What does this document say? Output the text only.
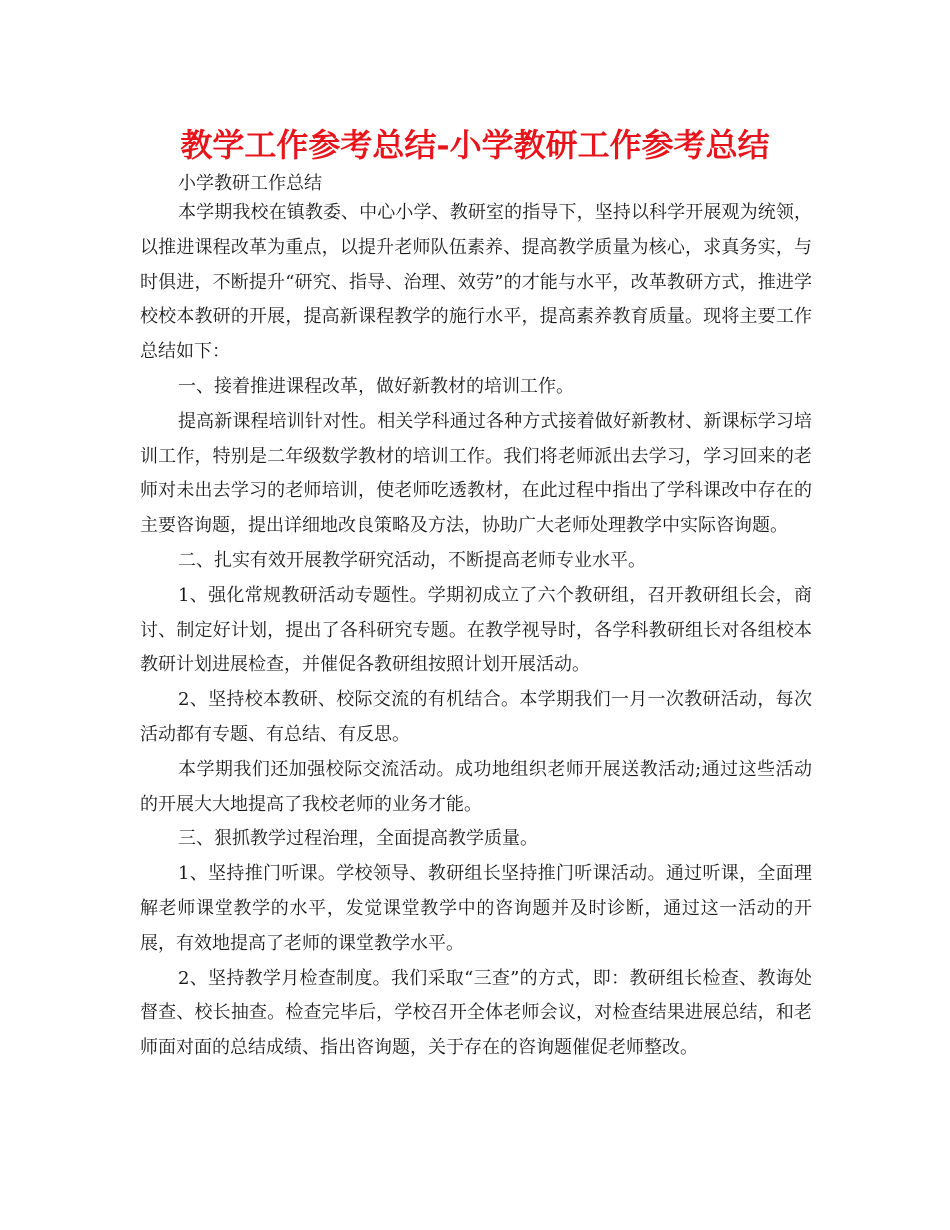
教学工作参考总结-小学教研工作参考总结
小学教研工作总结

本学期我校在镇教委、中心小学、教研室的指导下，坚持以科学开展观为统领，以推进课程改革为重点，以提升老师队伍素养、提高教学质量为核心，求真务实，与时俱进，不断提升“研究、指导、治理、效劳”的才能与水平，改革教研方式，推进学校校本教研的开展，提高新课程教学的施行水平，提高素养教育质量。现将主要工作总结如下：

一、接着推进课程改革，做好新教材的培训工作。

提高新课程培训针对性。相关学科通过各种方式接着做好新教材、新课标学习培训工作，特别是二年级数学教材的培训工作。我们将老师派出去学习，学习回来的老师对未出去学习的老师培训，使老师吃透教材，在此过程中指出了学科课改中存在的主要咨询题，提出详细地改良策略及方法，协助广大老师处理教学中实际咨询题。

二、扎实有效开展教学研究活动，不断提高老师专业水平。

1、强化常规教研活动专题性。学期初成立了六个教研组，召开教研组长会，商讨、制定好计划，提出了各科研究专题。在教学视导时，各学科教研组长对各组校本教研计划进展检查，并催促各教研组按照计划开展活动。

2、坚持校本教研、校际交流的有机结合。本学期我们一月一次教研活动，每次活动都有专题、有总结、有反思。

本学期我们还加强校际交流活动。成功地组织老师开展送教活动;通过这些活动的开展大大地提高了我校老师的业务才能。

三、狠抓教学过程治理，全面提高教学质量。

1、坚持推门听课。学校领导、教研组长坚持推门听课活动。通过听课，全面理解老师课堂教学的水平，发觉课堂教学中的咨询题并及时诊断，通过这一活动的开展，有效地提高了老师的课堂教学水平。

2、坚持教学月检查制度。我们采取“三查”的方式，即：教研组长检查、教诲处督查、校长抽查。检查完毕后，学校召开全体老师会议，对检查结果进展总结，和老师面对面的总结成绩、指出咨询题，关于存在的咨询题催促老师整改。
